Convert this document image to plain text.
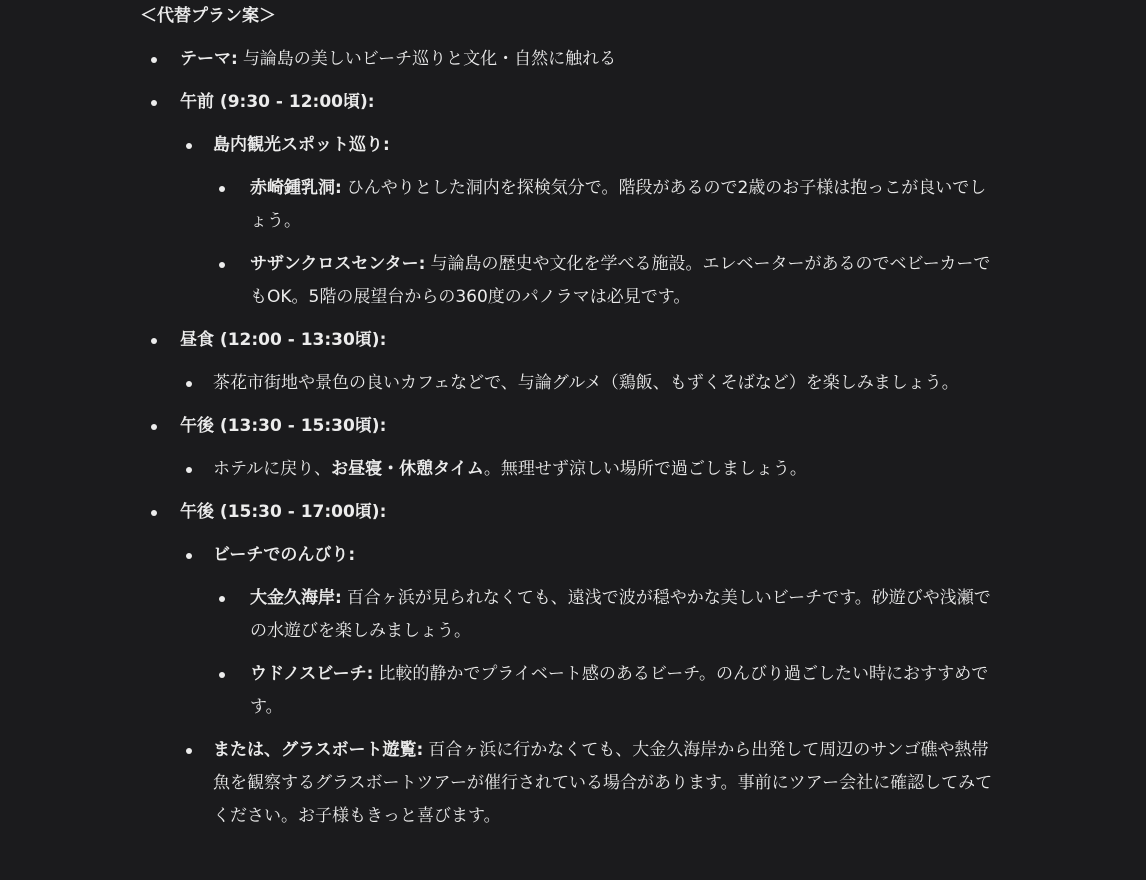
＜代替プラン案＞
テーマ: 与論島の美しいビーチ巡りと文化・自然に触れる
午前 (9:30 - 12:00頃):
島内観光スポット巡り:
赤崎鍾乳洞: ひんやりとした洞内を探検気分で。階段があるので2歳のお子様は抱っこが良いでしょう。
サザンクロスセンター: 与論島の歴史や文化を学べる施設。エレベーターがあるのでベビーカーでもOK。5階の展望台からの360度のパノラマは必見です。
昼食 (12:00 - 13:30頃):
茶花市街地や景色の良いカフェなどで、与論グルメ（鶏飯、もずくそばなど）を楽しみましょう。
午後 (13:30 - 15:30頃):
ホテルに戻り、お昼寝・休憩タイム。無理せず涼しい場所で過ごしましょう。
午後 (15:30 - 17:00頃):
ビーチでのんびり:
大金久海岸: 百合ヶ浜が見られなくても、遠浅で波が穏やかな美しいビーチです。砂遊びや浅瀬での水遊びを楽しみましょう。
ウドノスビーチ: 比較的静かでプライベート感のあるビーチ。のんびり過ごしたい時におすすめです。
または、グラスボート遊覧: 百合ヶ浜に行かなくても、大金久海岸から出発して周辺のサンゴ礁や熱帯魚を観察するグラスボートツアーが催行されている場合があります。事前にツアー会社に確認してみてください。お子様もきっと喜びます。
